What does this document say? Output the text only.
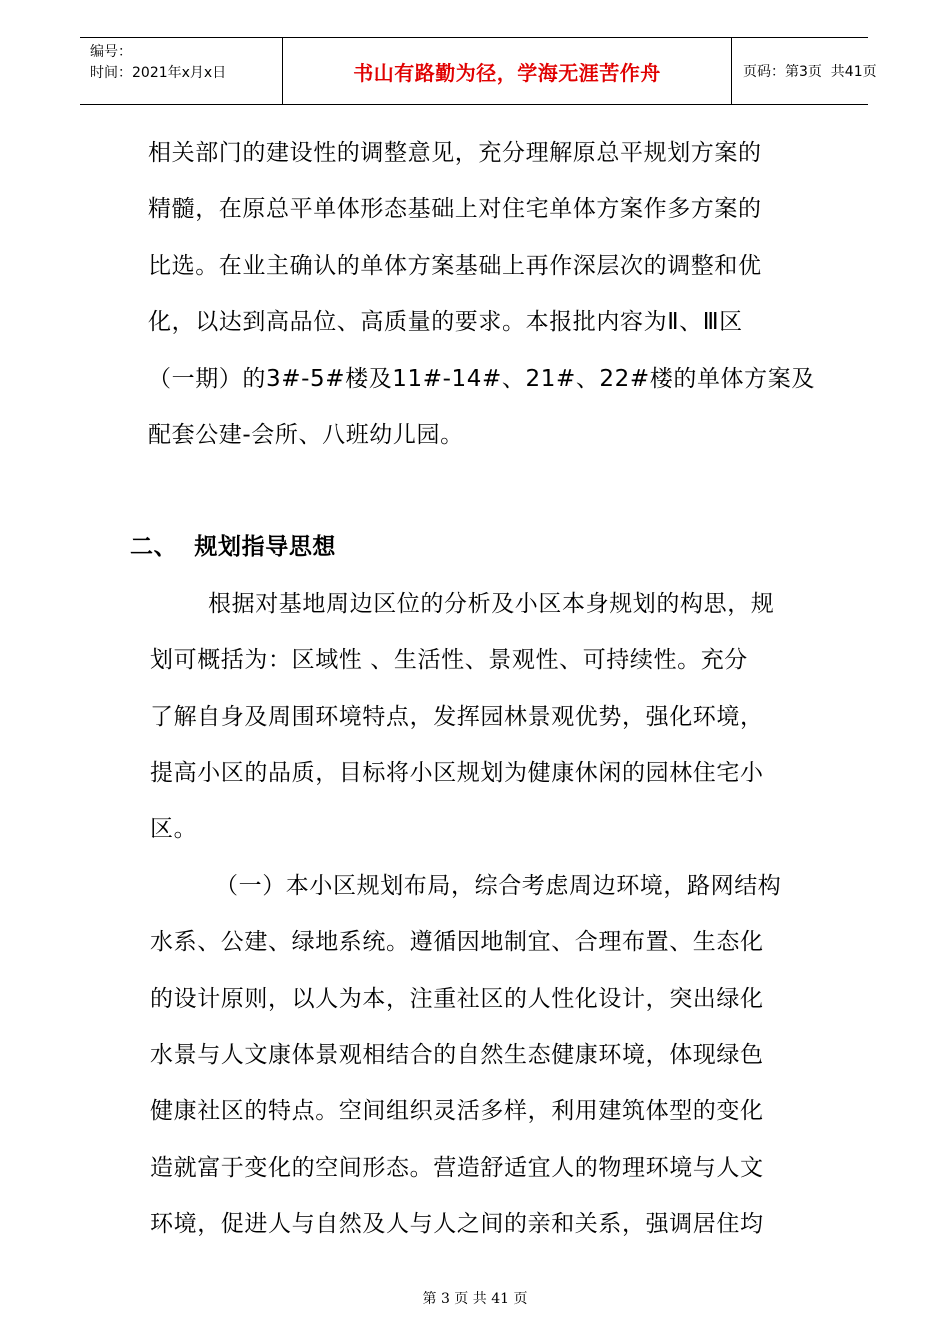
编号：
时间：2021年x月x日	书山有路勤为径，学海无涯苦作舟	页码：第3页  共41页
相关部门的建设性的调整意见，充分理解原总平规划方案的
精髓，在原总平单体形态基础上对住宅单体方案作多方案的
比选。在业主确认的单体方案基础上再作深层次的调整和优
化，以达到高品位、高质量的要求。本报批内容为Ⅱ、Ⅲ区
（一期）的3#-5#楼及11#-14#、21#、22#楼的单体方案及
配套公建-会所、八班幼儿园。
二、  规划指导思想
根据对基地周边区位的分析及小区本身规划的构思，规
划可概括为：区域性 、生活性、景观性、可持续性。充分
了解自身及周围环境特点，发挥园林景观优势，强化环境，
提高小区的品质，目标将小区规划为健康休闲的园林住宅小
区。
（一）本小区规划布局，综合考虑周边环境，路网结构
水系、公建、绿地系统。遵循因地制宜、合理布置、生态化
的设计原则，以人为本，注重社区的人性化设计，突出绿化
水景与人文康体景观相结合的自然生态健康环境，体现绿色
健康社区的特点。空间组织灵活多样，利用建筑体型的变化
造就富于变化的空间形态。营造舒适宜人的物理环境与人文
环境，促进人与自然及人与人之间的亲和关系，强调居住均
第 3 页 共 41 页
